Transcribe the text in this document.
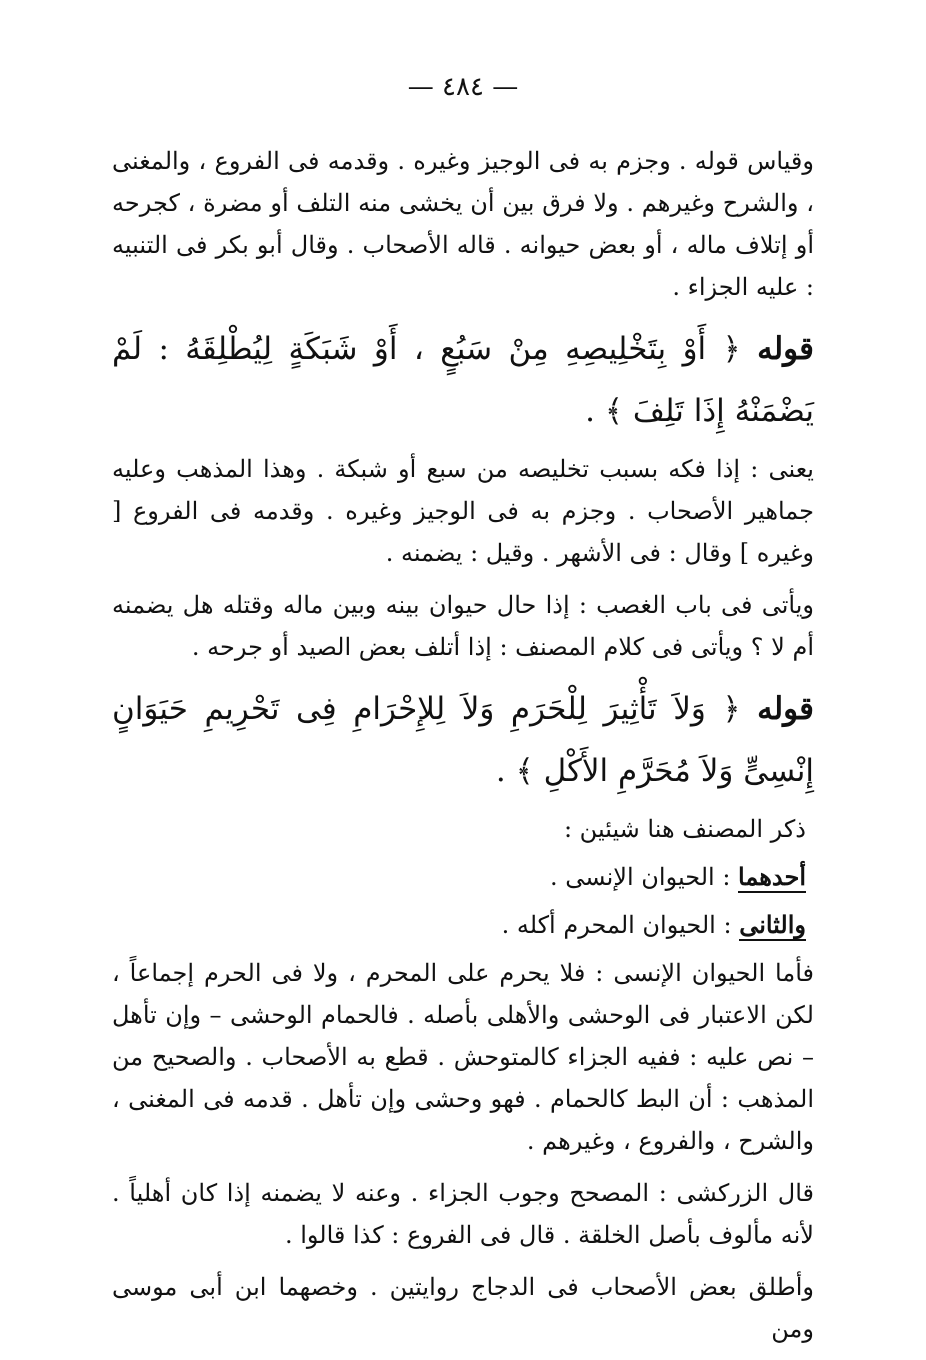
— ٤٨٤ —

وقياس قوله . وجزم به فى الوجيز وغيره . وقدمه فى الفروع ، والمغنى ، والشرح وغيرهم . ولا فرق بين أن يخشى منه التلف أو مضرة ، كجرحه أو إتلاف ماله ، أو بعض حيوانه . قاله الأصحاب . وقال أبو بكر فى التنبيه : عليه الجزاء .

قوله ﴿ أَوْ بِتَخْلِيصِهِ مِنْ سَبُعٍ ، أَوْ شَبَكَةٍ لِيُطْلِقَهُ : لَمْ يَضْمَنْهُ إِذَا تَلِفَ ﴾ .

يعنى : إذا فكه بسبب تخليصه من سبع أو شبكة . وهذا المذهب وعليه جماهير الأصحاب . وجزم به فى الوجيز وغيره . وقدمه فى الفروع [ وغيره ] وقال : فى الأشهر . وقيل : يضمنه .

ويأتى فى باب الغصب : إذا حال حيوان بينه وبين ماله وقتله هل يضمنه أم لا ؟ ويأتى فى كلام المصنف : إذا أتلف بعض الصيد أو جرحه .

قوله ﴿ وَلاَ تَأْثِيرَ لِلْحَرَمِ وَلاَ لِلإِحْرَامِ فِى تَحْرِيمِ حَيَوَانٍ إِنْسِىٍّ وَلاَ مُحَرَّمِ الأَكْلِ ﴾ .

ذكر المصنف هنا شيئين :

أحدهما : الحيوان الإنسى .

والثانى : الحيوان المحرم أكله .

فأما الحيوان الإنسى : فلا يحرم على المحرم ، ولا فى الحرم إجماعاً ، لكن الاعتبار فى الوحشى والأهلى بأصله . فالحمام الوحشى – وإن تأهل – نص عليه : ففيه الجزاء كالمتوحش . قطع به الأصحاب . والصحيح من المذهب : أن البط كالحمام . فهو وحشى وإن تأهل . قدمه فى المغنى ، والشرح ، والفروع ، وغيرهم .

قال الزركشى : المصحح وجوب الجزاء . وعنه لا يضمنه إذا كان أهلياً . لأنه مألوف بأصل الخلقة . قال فى الفروع : كذا قالوا .

وأطلق بعض الأصحاب فى الدجاج روايتين . وخصهما ابن أبى موسى ومن
